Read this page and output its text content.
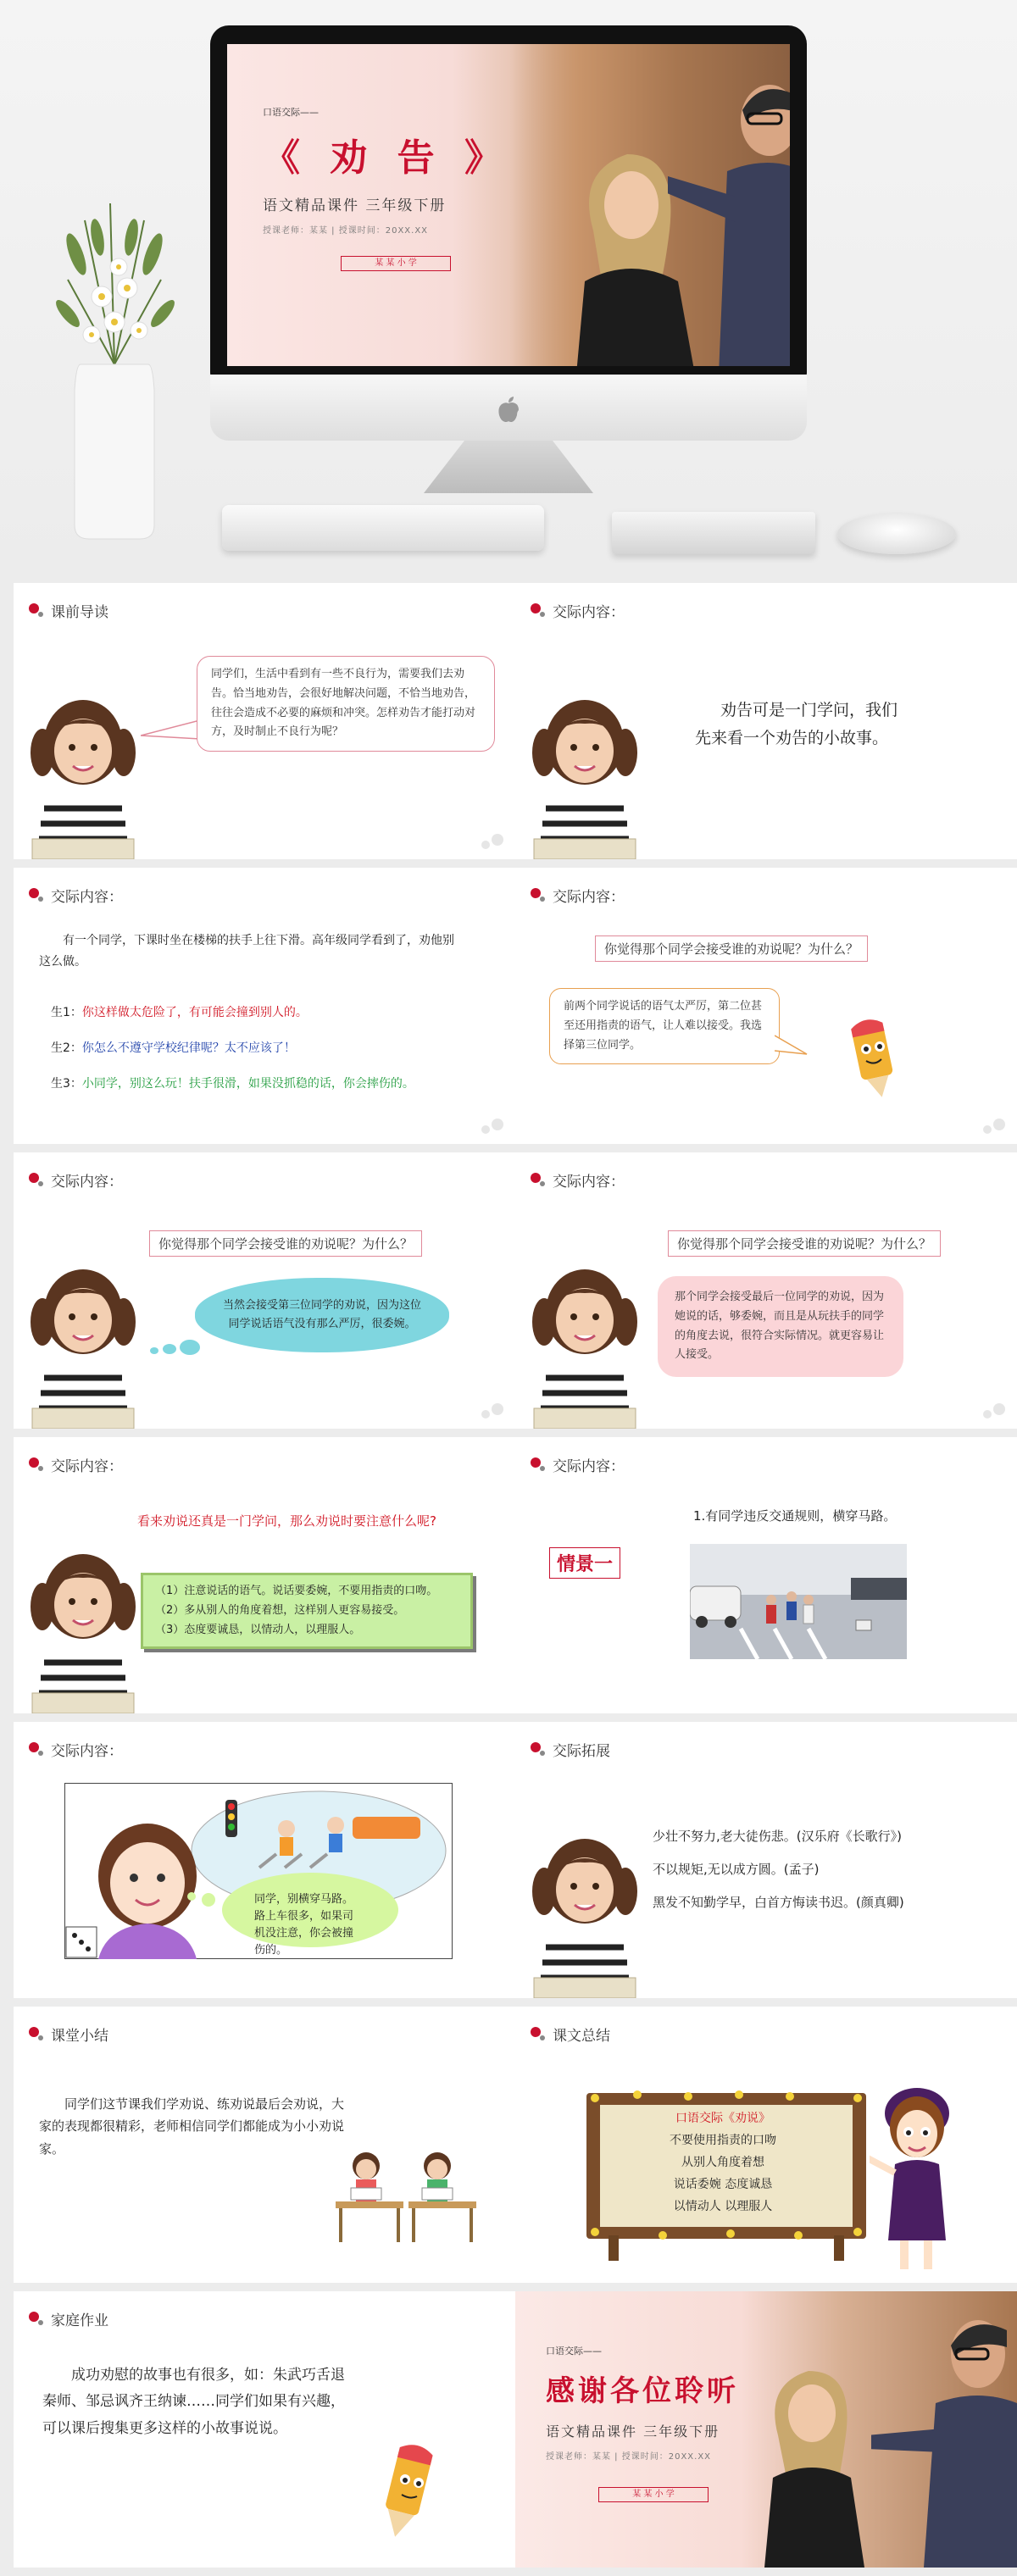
口语交际——
《 劝 告 》
语文精品课件 三年级下册
授课老师：某某 | 授课时间：20XX.XX
某 某 小 学
课前导读
同学们，生活中看到有一些不良行为，需要我们去劝告。恰当地劝告，会很好地解决问题，不恰当地劝告，往往会造成不必要的麻烦和冲突。怎样劝告才能打动对方，及时制止不良行为呢？
交际内容：
劝告可是一门学问，我们
先来看一个劝告的小故事。
交际内容：
有一个同学，下课时坐在楼梯的扶手上往下滑。高年级同学看到了，劝他别
这么做。

生1：你这样做太危险了，有可能会撞到别人的。

生2：你怎么不遵守学校纪律呢？太不应该了！

生3：小同学，别这么玩！扶手很滑，如果没抓稳的话，你会摔伤的。

交际内容：
你觉得那个同学会接受谁的劝说呢？为什么？
前两个同学说话的语气太严厉，第二位甚至还用指责的语气，让人难以接受。我选择第三位同学。
交际内容：
你觉得那个同学会接受谁的劝说呢？为什么？
当然会接受第三位同学的劝说，因为这位同学说话语气没有那么严厉，很委婉。
交际内容：
你觉得那个同学会接受谁的劝说呢？为什么？
那个同学会接受最后一位同学的劝说，因为她说的话，够委婉，而且是从玩扶手的同学的角度去说，很符合实际情况。就更容易让人接受。
交际内容：
看来劝说还真是一门学问，那么劝说时要注意什么呢?
（1）注意说话的语气。说话要委婉，不要用指责的口吻。
（2）多从别人的角度着想，这样别人更容易接受。
（3）态度要诚恳，以情动人，以理服人。
交际内容：
1.有同学违反交通规则，横穿马路。
情景一
交际内容：
同学，别横穿马路。路上车很多，如果司机没注意，你会被撞伤的。
交际拓展
少壮不努力,老大徒伤悲。(汉乐府《长歌行》)
不以规矩,无以成方圆。(孟子)
黑发不知勤学早，白首方悔读书迟。(颜真卿)
课堂小结
同学们这节课我们学劝说、练劝说最后会劝说，大家的表现都很精彩，老师相信同学们都能成为小小劝说家。
课文总结
口语交际《劝说》
不要使用指责的口吻
从别人角度着想
说话委婉 态度诚恳
以情动人 以理服人
家庭作业
成功劝慰的故事也有很多，如：朱武巧舌退
秦师、邹忌讽齐王纳谏……同学们如果有兴趣，
可以课后搜集更多这样的小故事说说。
口语交际——
感谢各位聆听
语文精品课件 三年级下册
授课老师：某某 | 授课时间：20XX.XX
某 某 小 学
